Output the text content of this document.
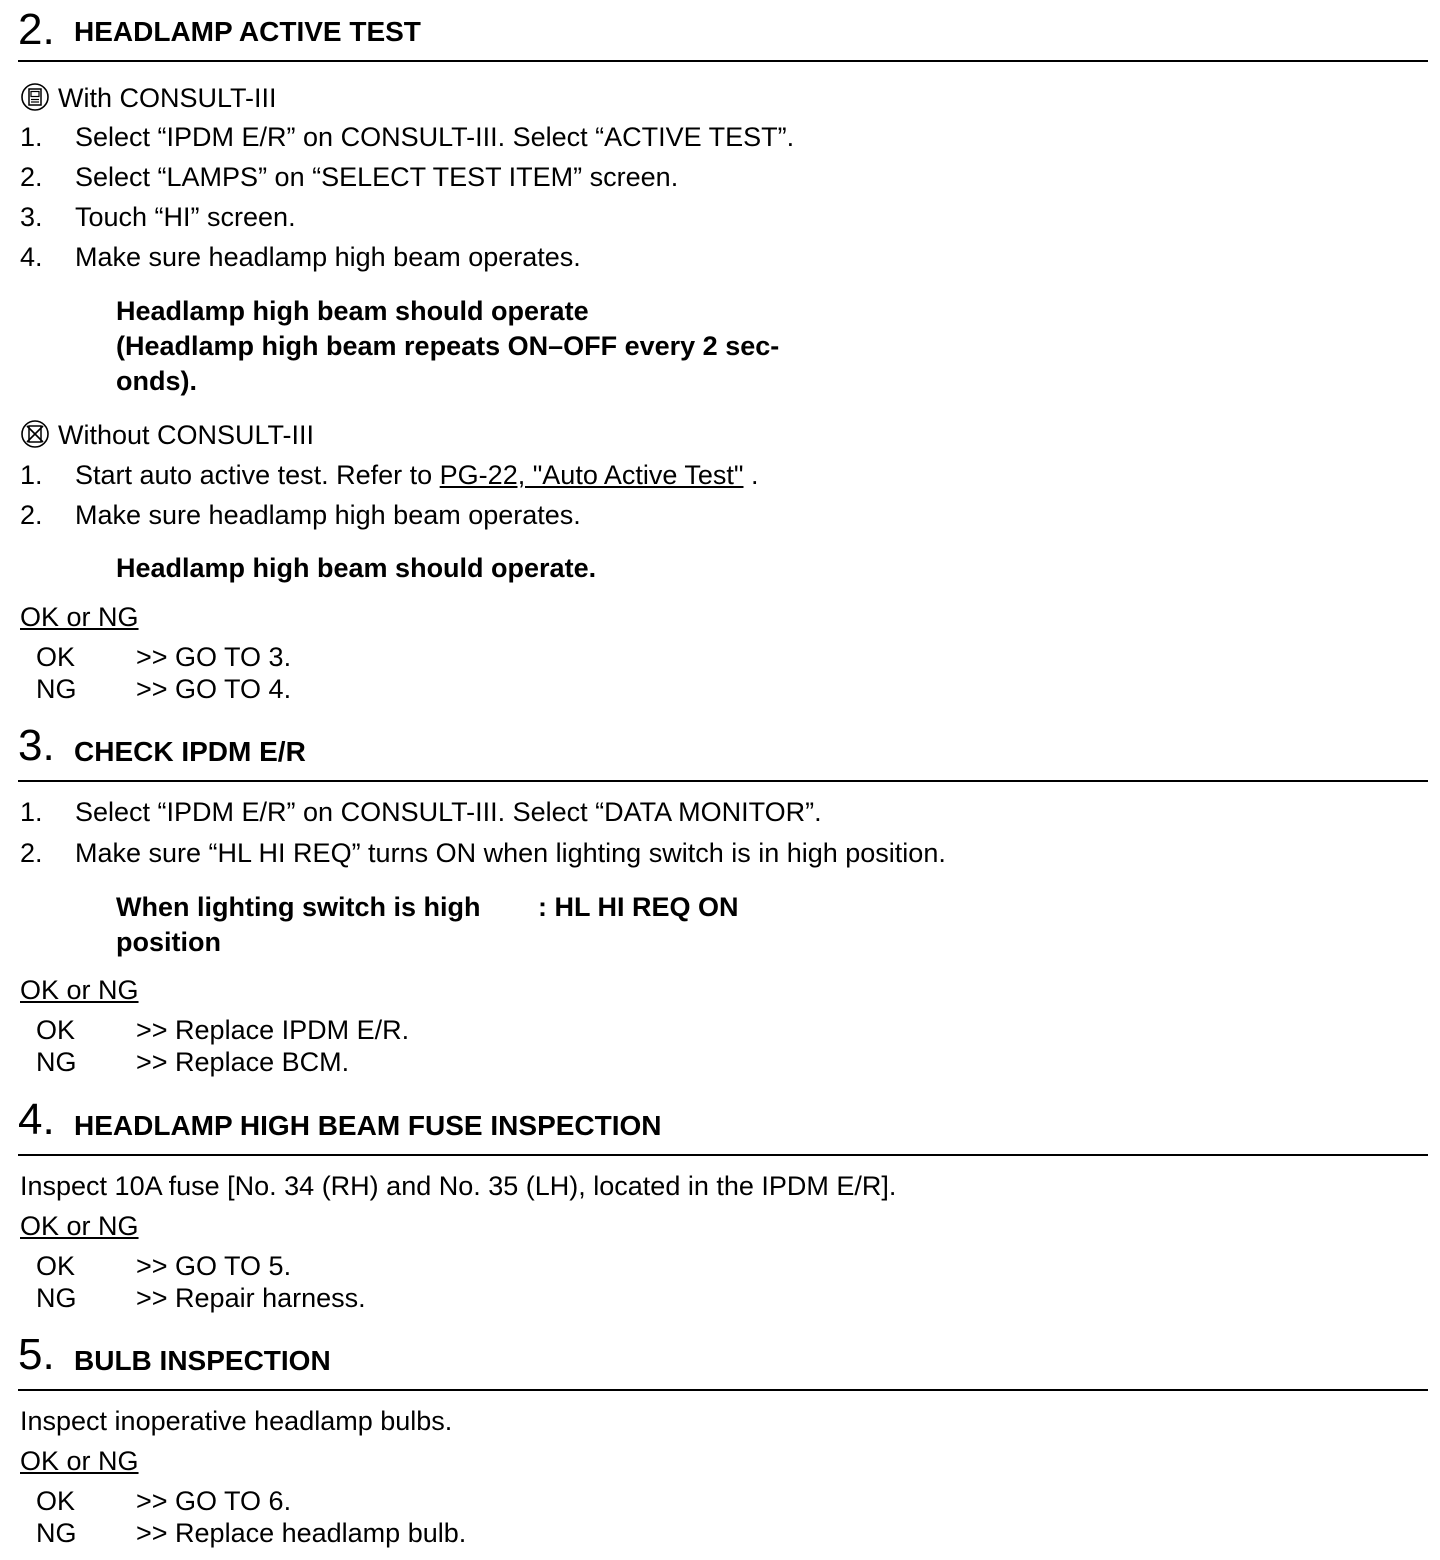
2. HEADLAMP ACTIVE TEST
With CONSULT-III
1. Select “IPDM E/R” on CONSULT-III. Select “ACTIVE TEST”.
2. Select “LAMPS” on “SELECT TEST ITEM” screen.
3. Touch “HI” screen.
4. Make sure headlamp high beam operates.
Headlamp high beam should operate
(Headlamp high beam repeats ON–OFF every 2 sec-
onds).
Without CONSULT-III
1. Start auto active test. Refer to PG-22, "Auto Active Test" .
2. Make sure headlamp high beam operates.
Headlamp high beam should operate.
OK or NG
OK >> GO TO 3.
NG >> GO TO 4.
3. CHECK IPDM E/R
1. Select “IPDM E/R” on CONSULT-III. Select “DATA MONITOR”.
2. Make sure “HL HI REQ” turns ON when lighting switch is in high position.
When lighting switch is high
position
: HL HI REQ ON
OK or NG
OK >> Replace IPDM E/R.
NG >> Replace BCM.
4. HEADLAMP HIGH BEAM FUSE INSPECTION
Inspect 10A fuse [No. 34 (RH) and No. 35 (LH), located in the IPDM E/R].
OK or NG
OK >> GO TO 5.
NG >> Repair harness.
5. BULB INSPECTION
Inspect inoperative headlamp bulbs.
OK or NG
OK >> GO TO 6.
NG >> Replace headlamp bulb.
